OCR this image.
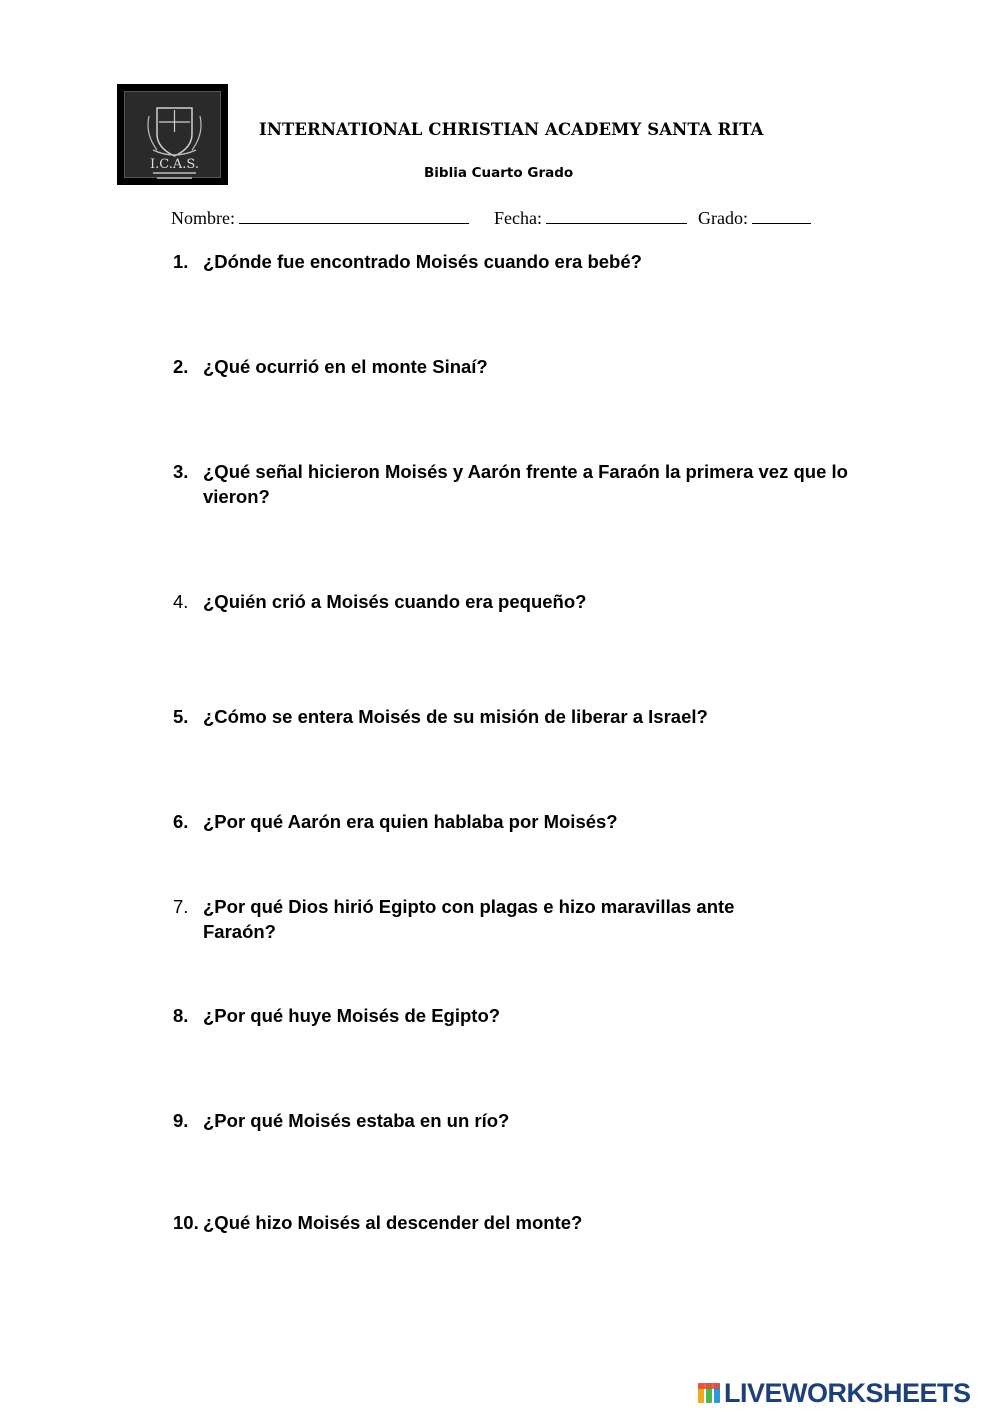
I.C.A.S.
INTERNATIONAL CHRISTIAN ACADEMY SANTA RITA
Biblia Cuarto Grado
Nombre:	Fecha:	Grado:
1. ¿Dónde fue encontrado Moisés cuando era bebé?
2. ¿Qué ocurrió en el monte Sinaí?
3. ¿Qué señal hicieron Moisés y Aarón frente a Faraón la primera vez que lo vieron?
4. ¿Quién crió a Moisés cuando era pequeño?
5. ¿Cómo se entera Moisés de su misión de liberar a Israel?
6. ¿Por qué Aarón era quien hablaba por Moisés?
7. ¿Por qué Dios hirió Egipto con plagas e hizo maravillas ante Faraón?
8. ¿Por qué huye Moisés de Egipto?
9. ¿Por qué Moisés estaba en un río?
10. ¿Qué hizo Moisés al descender del monte?
LIVEWORKSHEETS
